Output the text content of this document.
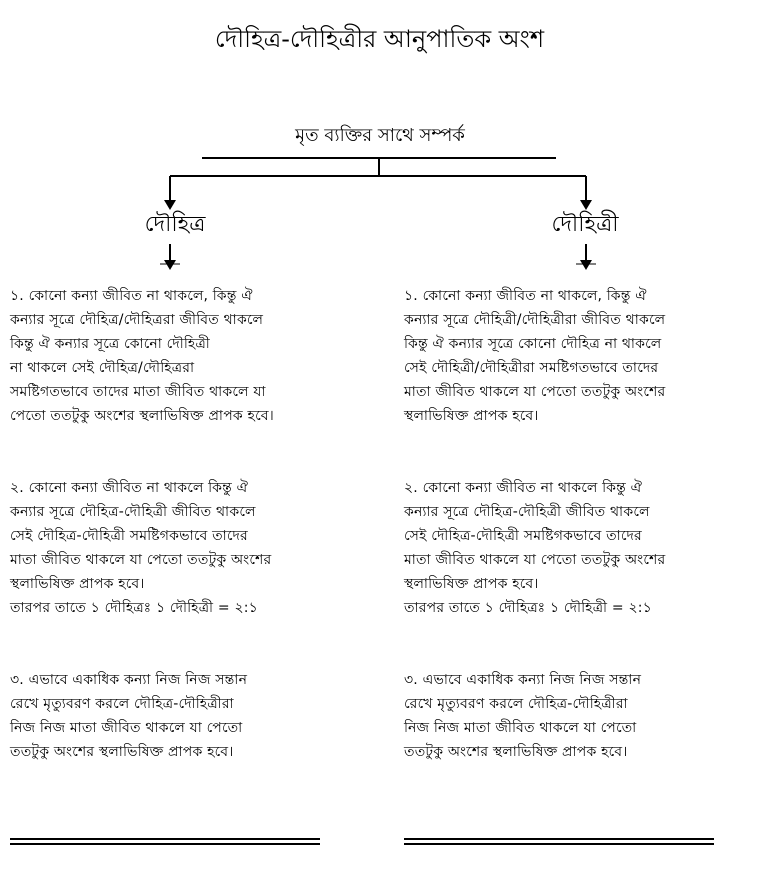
দৌহিত্র-দৌহিত্রীর আনুপাতিক অংশ
মৃত ব্যক্তির সাথে সম্পর্ক
দৌহিত্র	দৌহিত্রী
১. কোনো কন্যা জীবিত না থাকলে, কিন্তু ঐ
কন্যার সূত্রে দৌহিত্র/দৌহিত্ররা জীবিত থাকলে
কিন্তু ঐ কন্যার সূত্রে কোনো দৌহিত্রী
না থাকলে সেই দৌহিত্র/দৌহিত্ররা
সমষ্টিগতভাবে তাদের মাতা জীবিত থাকলে যা
পেতো ততটুকু অংশের স্থলাভিষিক্ত প্রাপক হবে।
২. কোনো কন্যা জীবিত না থাকলে কিন্তু ঐ
কন্যার সূত্রে দৌহিত্র-দৌহিত্রী জীবিত থাকলে
সেই দৌহিত্র-দৌহিত্রী সমষ্টিগকভাবে তাদের
মাতা জীবিত থাকলে যা পেতো ততটুকু অংশের
স্থলাভিষিক্ত প্রাপক হবে।
তারপর তাতে ১ দৌহিত্রঃ ১ দৌহিত্রী = ২:১
৩. এভাবে একাধিক কন্যা নিজ নিজ সন্তান
রেখে মৃত্যুবরণ করলে দৌহিত্র-দৌহিত্রীরা
নিজ নিজ মাতা জীবিত থাকলে যা পেতো
ততটুকু অংশের স্থলাভিষিক্ত প্রাপক হবে।
১. কোনো কন্যা জীবিত না থাকলে, কিন্তু ঐ
কন্যার সূত্রে দৌহিত্রী/দৌহিত্রীরা জীবিত থাকলে
কিন্তু ঐ কন্যার সূত্রে কোনো দৌহিত্র না থাকলে
সেই দৌহিত্রী/দৌহিত্রীরা সমষ্টিগতভাবে তাদের
মাতা জীবিত থাকলে যা পেতো ততটুকু অংশের
স্থলাভিষিক্ত প্রাপক হবে।
২. কোনো কন্যা জীবিত না থাকলে কিন্তু ঐ
কন্যার সূত্রে দৌহিত্র-দৌহিত্রী জীবিত থাকলে
সেই দৌহিত্র-দৌহিত্রী সমষ্টিগকভাবে তাদের
মাতা জীবিত থাকলে যা পেতো ততটুকু অংশের
স্থলাভিষিক্ত প্রাপক হবে।
তারপর তাতে ১ দৌহিত্রঃ ১ দৌহিত্রী = ২:১
৩. এভাবে একাধিক কন্যা নিজ নিজ সন্তান
রেখে মৃত্যুবরণ করলে দৌহিত্র-দৌহিত্রীরা
নিজ নিজ মাতা জীবিত থাকলে যা পেতো
ততটুকু অংশের স্থলাভিষিক্ত প্রাপক হবে।
